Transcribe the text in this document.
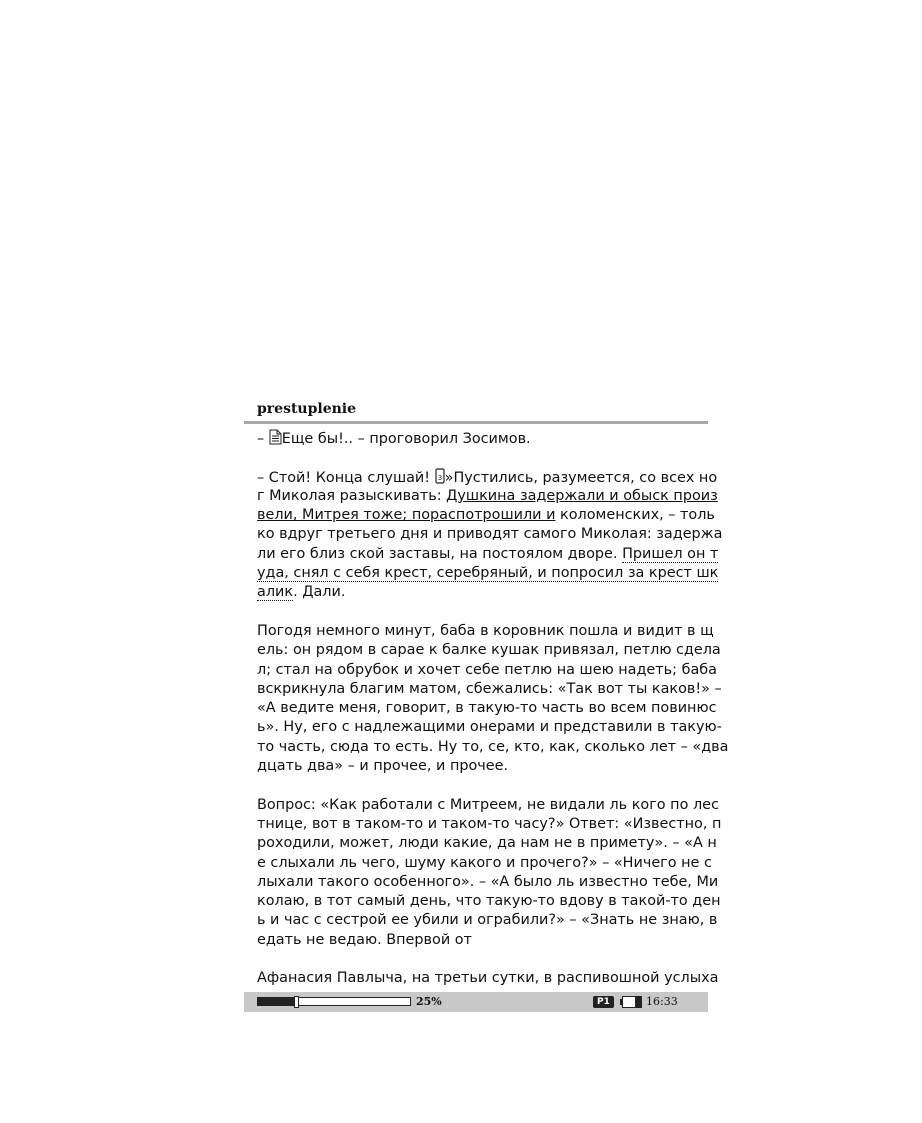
prestuplenie
– Еще бы!.. – проговорил Зосимов.
– Стой! Конца слушай! 3 »Пустились, разумеется, со всех но
г Миколая разыскивать: Душкина задержали и обыск произ
вели, Митрея тоже; пораспотрошили и коломенских, – толь
ко вдруг третьего дня и приводят самого Миколая: задержа
ли его близ ской заставы, на постоялом дворе. Пришел он т
уда, снял с себя крест, серебряный, и попросил за крест шк
алик. Дали.
Погодя немного минут, баба в коровник пошла и видит в щ
ель: он рядом в сарае к балке кушак привязал, петлю сдела
л; стал на обрубок и хочет себе петлю на шею надеть; баба
вскрикнула благим матом, сбежались: «Так вот ты каков!» –
«А ведите меня, говорит, в такую-то часть во всем повинюс
ь». Ну, его с надлежащими онерами и представили в такую-
то часть, сюда то есть. Ну то, се, кто, как, сколько лет – «два
дцать два» – и прочее, и прочее.
Вопрос: «Как работали с Митреем, не видали ль кого по лес
тнице, вот в таком-то и таком-то часу?» Ответ: «Известно, п
роходили, может, люди какие, да нам не в примету». – «А н
е слыхали ль чего, шуму какого и прочего?» – «Ничего не с
лыхали такого особенного». – «А было ль известно тебе, Ми
колаю, в тот самый день, что такую-то вдову в такой-то ден
ь и час с сестрой ее убили и ограбили?» – «Знать не знаю, в
едать не ведаю. Впервой от
Афанасия Павлыча, на третьи сутки, в распивошной услыха
25%	P1	16:33
